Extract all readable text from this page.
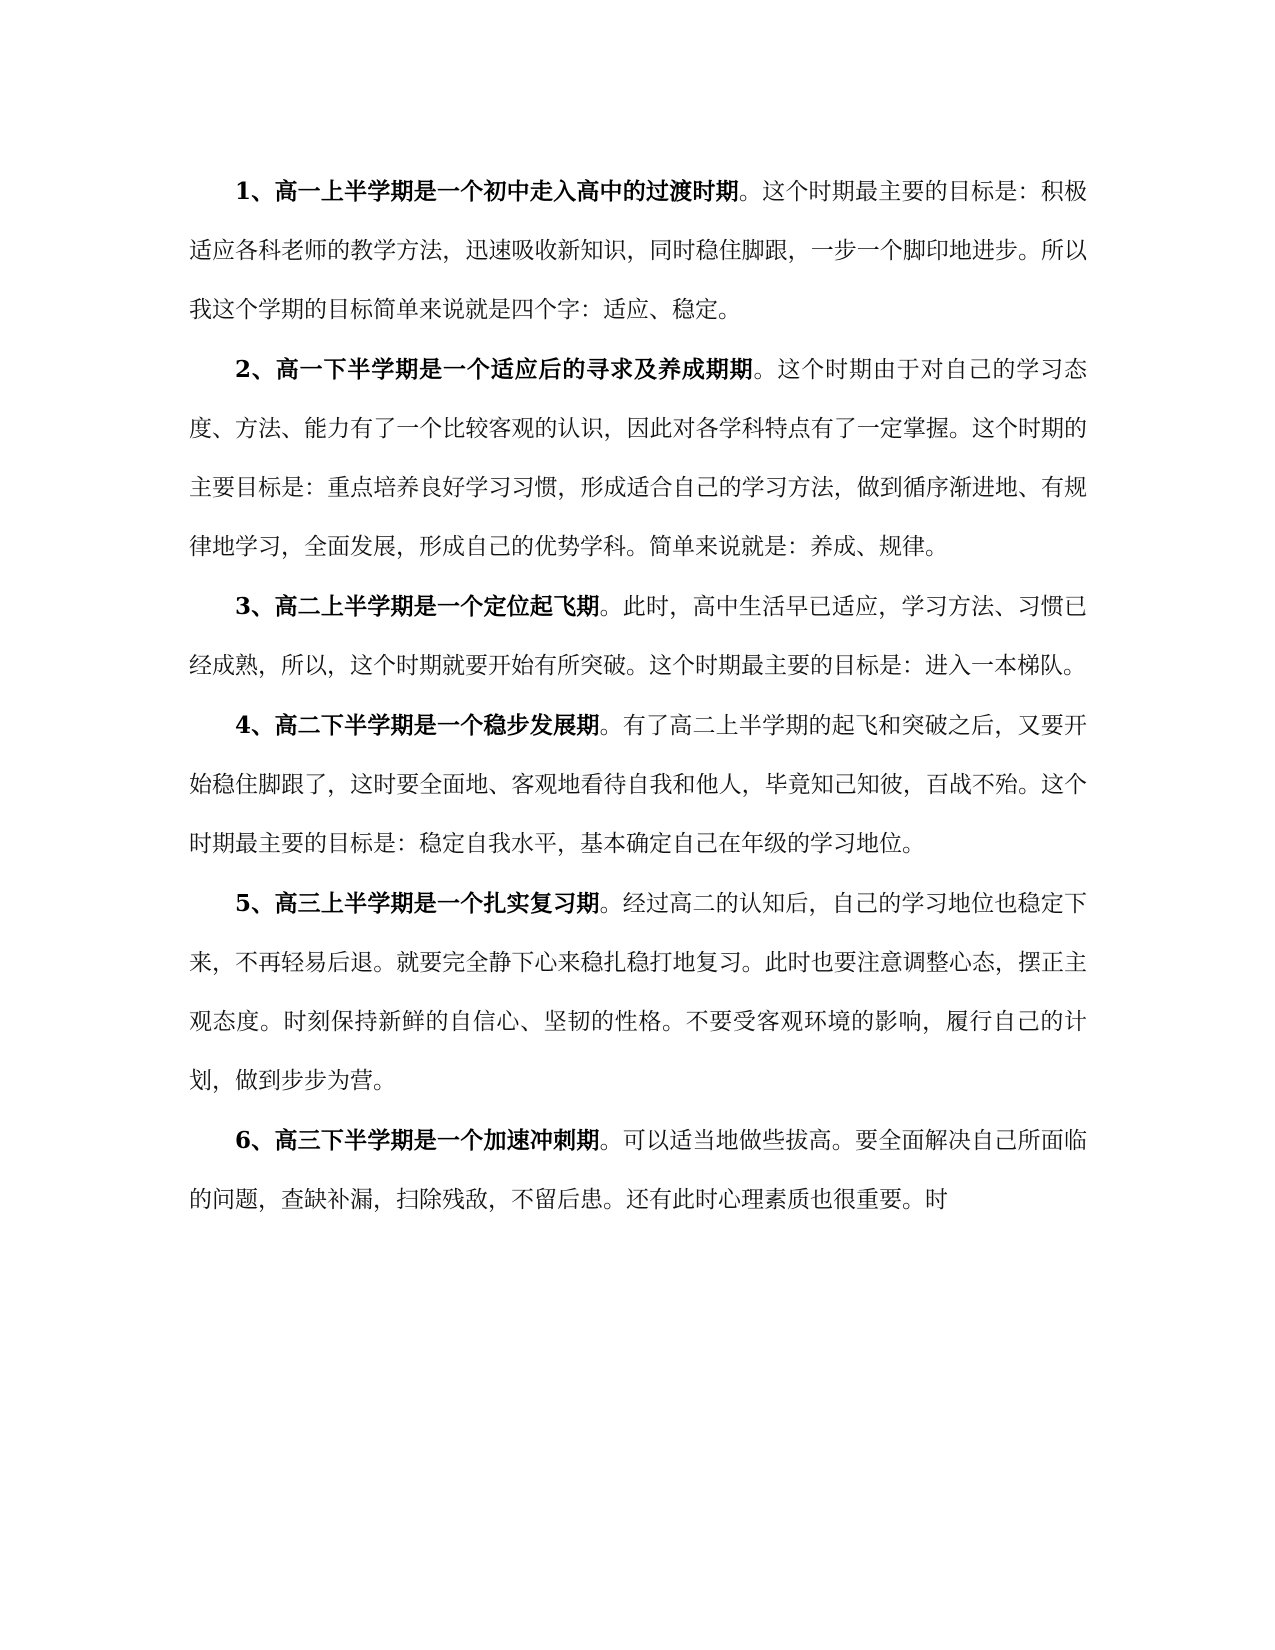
1、高一上半学期是一个初中走入高中的过渡时期。这个时期最主要的目标是：积极适应各科老师的教学方法，迅速吸收新知识，同时稳住脚跟，一步一个脚印地进步。所以我这个学期的目标简单来说就是四个字：适应、稳定。

2、高一下半学期是一个适应后的寻求及养成期期。这个时期由于对自己的学习态度、方法、能力有了一个比较客观的认识，因此对各学科特点有了一定掌握。这个时期的主要目标是：重点培养良好学习习惯，形成适合自己的学习方法，做到循序渐进地、有规律地学习，全面发展，形成自己的优势学科。简单来说就是：养成、规律。

3、高二上半学期是一个定位起飞期。此时，高中生活早已适应，学习方法、习惯已经成熟，所以，这个时期就要开始有所突破。这个时期最主要的目标是：进入一本梯队。

4、高二下半学期是一个稳步发展期。有了高二上半学期的起飞和突破之后，又要开始稳住脚跟了，这时要全面地、客观地看待自我和他人，毕竟知己知彼，百战不殆。这个时期最主要的目标是：稳定自我水平，基本确定自己在年级的学习地位。

5、高三上半学期是一个扎实复习期。经过高二的认知后，自己的学习地位也稳定下来，不再轻易后退。就要完全静下心来稳扎稳打地复习。此时也要注意调整心态，摆正主观态度。时刻保持新鲜的自信心、坚韧的性格。不要受客观环境的影响，履行自己的计划，做到步步为营。

6、高三下半学期是一个加速冲刺期。可以适当地做些拔高。要全面解决自己所面临的问题，查缺补漏，扫除残敌，不留后患。还有此时心理素质也很重要。时
